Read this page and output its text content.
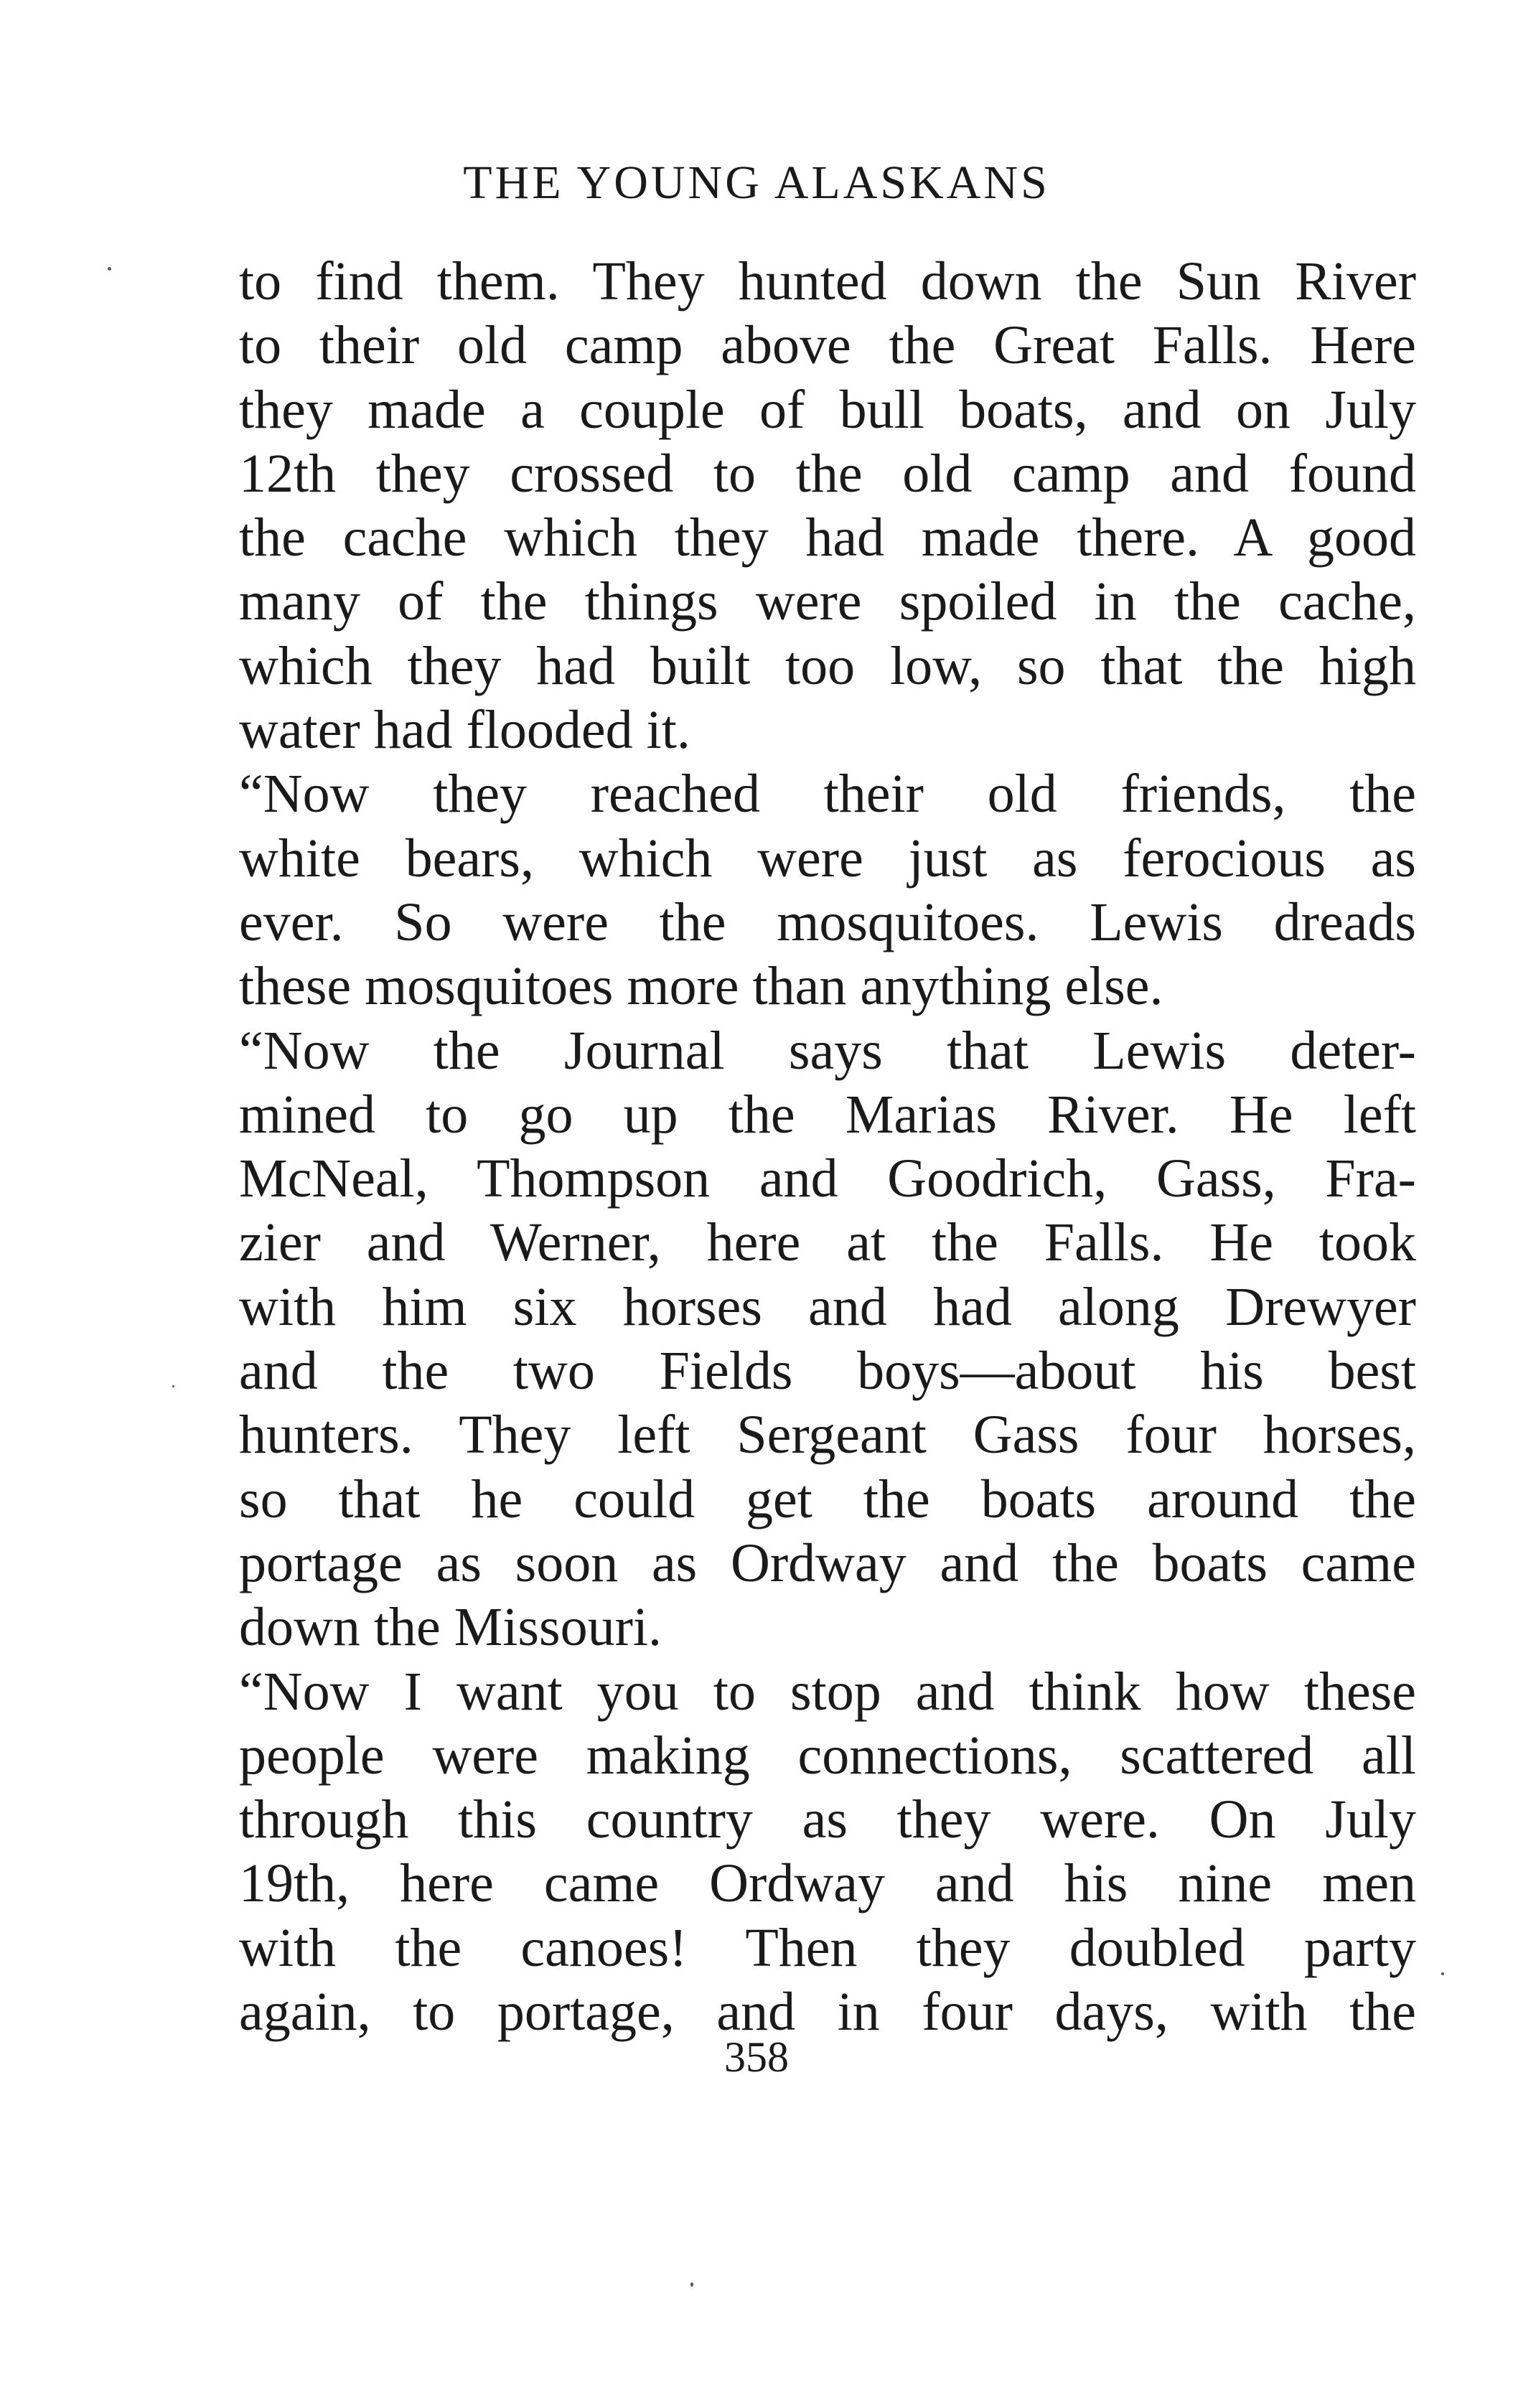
THE YOUNG ALASKANS
to find them. They hunted down the Sun River
to their old camp above the Great Falls. Here
they made a couple of bull boats, and on July
12th they crossed to the old camp and found
the cache which they had made there. A good
many of the things were spoiled in the cache,
which they had built too low, so that the high
water had flooded it.
“Now they reached their old friends, the
white bears, which were just as ferocious as
ever. So were the mosquitoes. Lewis dreads
these mosquitoes more than anything else.
“Now the Journal says that Lewis deter-
mined to go up the Marias River. He left
McNeal, Thompson and Goodrich, Gass, Fra-
zier and Werner, here at the Falls. He took
with him six horses and had along Drewyer
and the two Fields boys—about his best
hunters. They left Sergeant Gass four horses,
so that he could get the boats around the
portage as soon as Ordway and the boats came
down the Missouri.
“Now I want you to stop and think how these
people were making connections, scattered all
through this country as they were. On July
19th, here came Ordway and his nine men
with the canoes! Then they doubled party
again, to portage, and in four days, with the
358
